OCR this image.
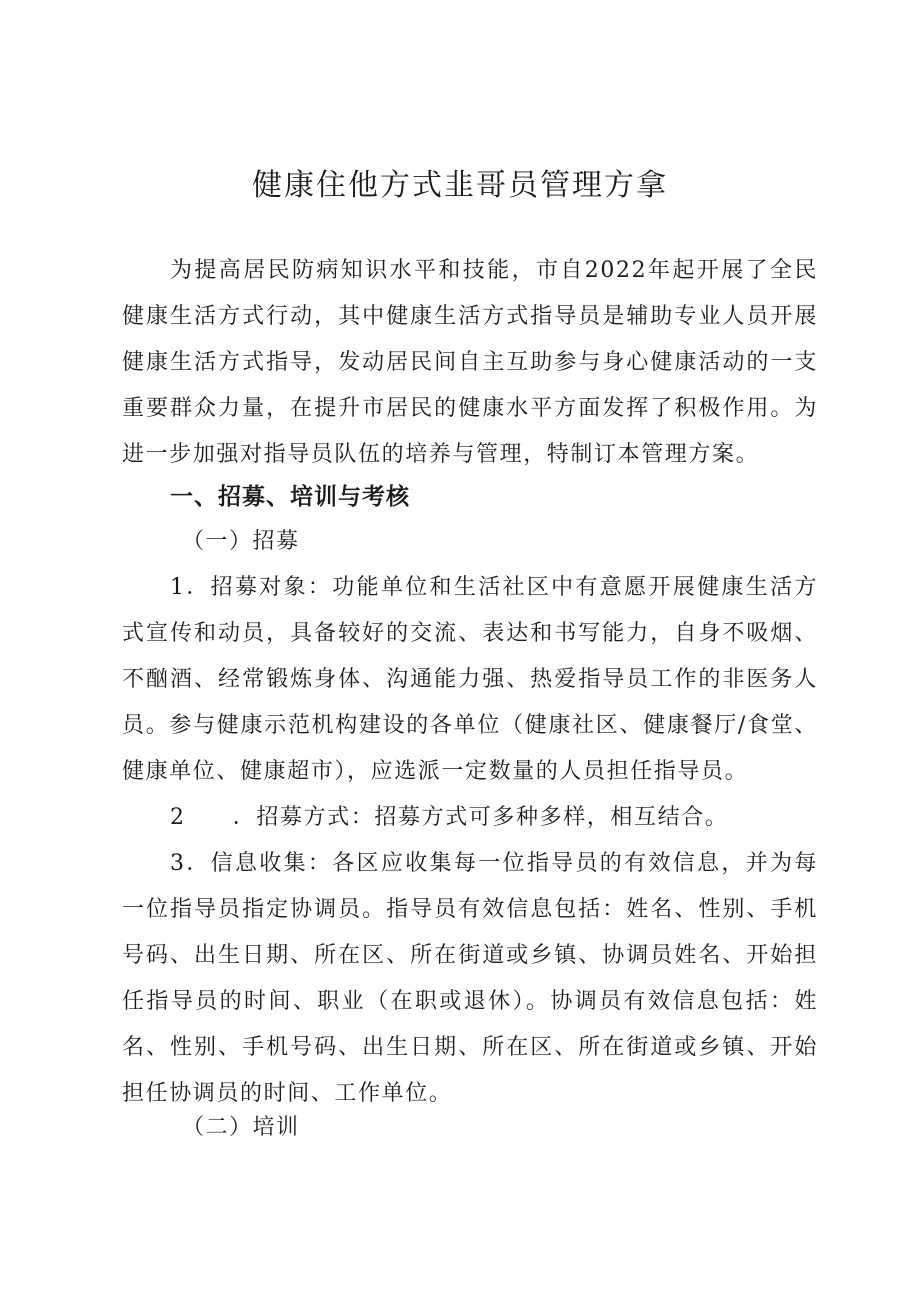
健康住他方式韭哥员管理方拿

为提高居民防病知识水平和技能，市自2022年起开展了全民健康生活方式行动，其中健康生活方式指导员是辅助专业人员开展健康生活方式指导，发动居民间自主互助参与身心健康活动的一支重要群众力量，在提升市居民的健康水平方面发挥了积极作用。为进一步加强对指导员队伍的培养与管理，特制订本管理方案。

一、招募、培训与考核
（一）招募

1．招募对象：功能单位和生活社区中有意愿开展健康生活方式宣传和动员，具备较好的交流、表达和书写能力，自身不吸烟、不酗酒、经常锻炼身体、沟通能力强、热爱指导员工作的非医务人员。参与健康示范机构建设的各单位（健康社区、健康餐厅/食堂、健康单位、健康超市），应选派一定数量的人员担任指导员。

2　　．招募方式：招募方式可多种多样，相互结合。

3．信息收集：各区应收集每一位指导员的有效信息，并为每一位指导员指定协调员。指导员有效信息包括：姓名、性别、手机号码、出生日期、所在区、所在街道或乡镇、协调员姓名、开始担任指导员的时间、职业（在职或退休）。协调员有效信息包括：姓名、性别、手机号码、出生日期、所在区、所在街道或乡镇、开始担任协调员的时间、工作单位。

（二）培训
